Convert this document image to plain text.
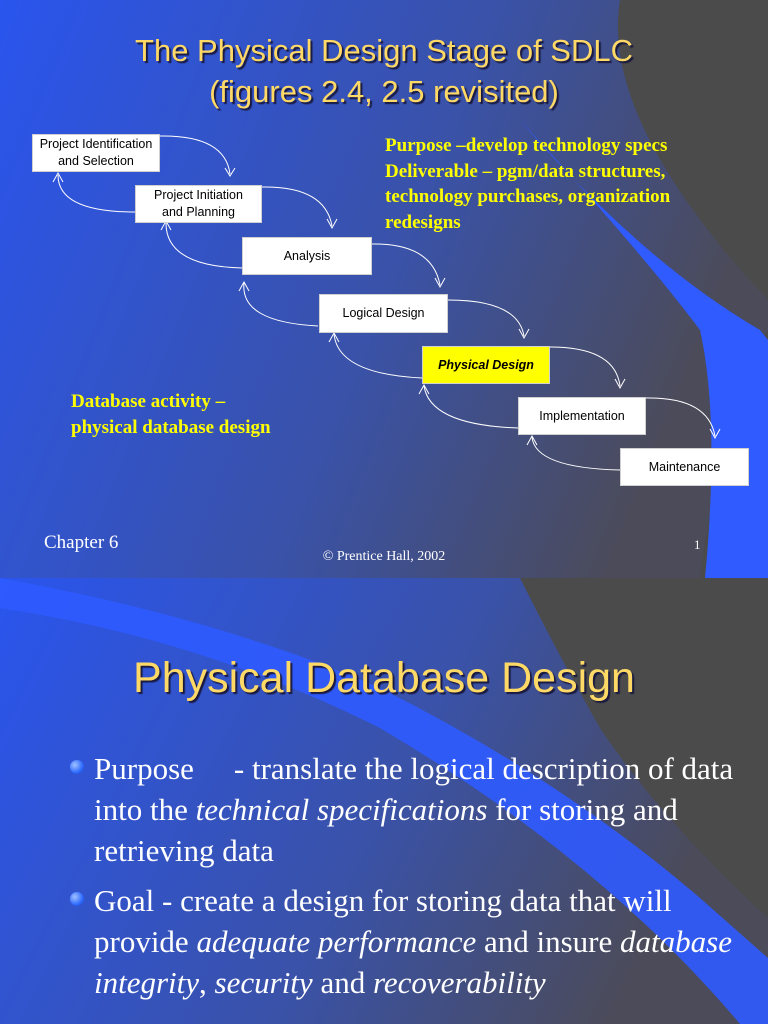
The Physical Design Stage of SDLC
(figures 2.4, 2.5 revisited)
Project Identification
and Selection
Project Initiation
and Planning
Analysis
Logical Design
Physical Design
Implementation
Maintenance
Purpose –develop technology specs
Deliverable – pgm/data structures,
technology purchases, organization
redesigns
Database activity –
physical database design
Chapter 6
© Prentice Hall, 2002
1
Physical Database Design
Purpose - translate the logical description of data into the technical specifications for storing and retrieving data
Goal - create a design for storing data that will provide adequate performance and insure database integrity, security and recoverability
